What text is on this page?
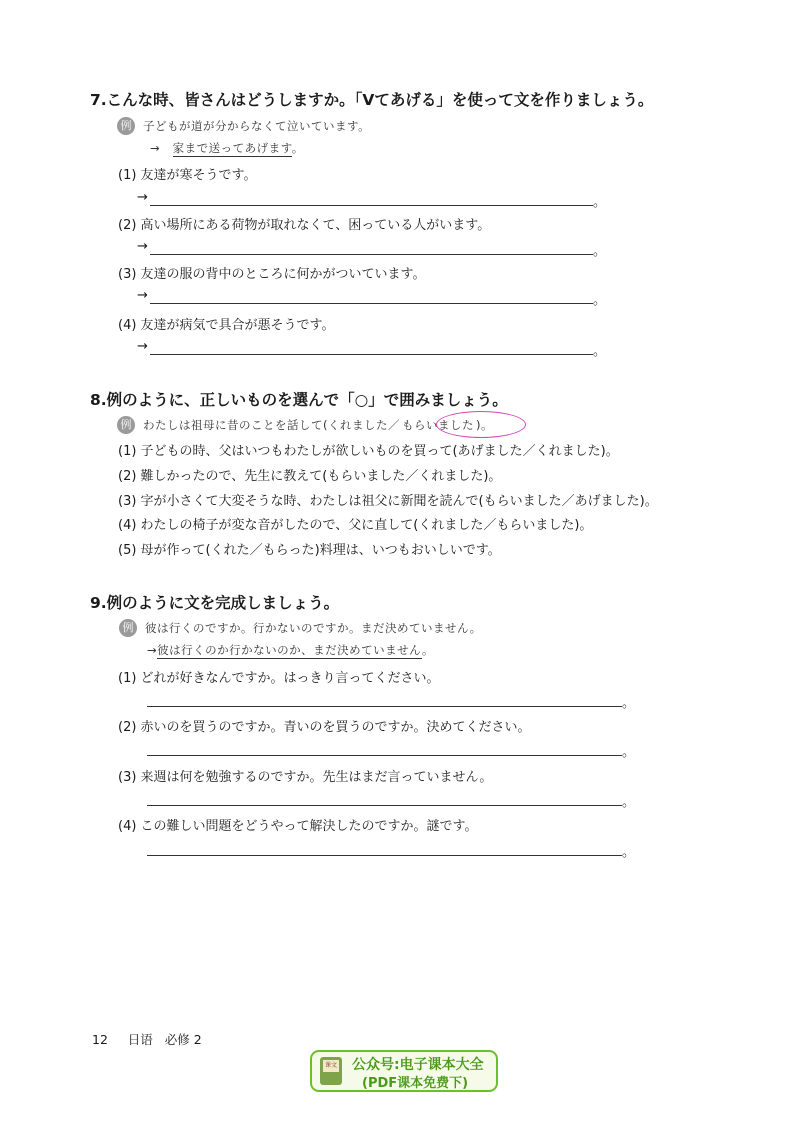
7.こんな時、皆さんはどうしますか。「Vてあげる」を使って文を作りましょう。
例	子どもが道が分からなくて泣いています。
→ 家まで送ってあげます。
(1) 友達が寒そうです。
→	。
(2) 高い場所にある荷物が取れなくて、困っている人がいます。
→	。
(3) 友達の服の背中のところに何かがついています。
→	。
(4) 友達が病気で具合が悪そうです。
→	。
8.例のように、正しいものを選んで「○」で囲みましょう。
例	わたしは祖母に昔のことを話して(くれました／ もらいました )。
(1) 子どもの時、父はいつもわたしが欲しいものを買って(あげました／くれました)。
(2) 難しかったので、先生に教えて(もらいました／くれました)。
(3) 字が小さくて大変そうな時、わたしは祖父に新聞を読んで(もらいました／あげました)。
(4) わたしの椅子が変な音がしたので、父に直して(くれました／もらいました)。
(5) 母が作って(くれた／もらった)料理は、いつもおいしいです。
9.例のように文を完成しましょう。
例	彼は行くのですか。行かないのですか。まだ決めていません。
→彼は行くのか行かないのか、まだ決めていません。
(1) どれが好きなんですか。はっきり言ってください。
。
(2) 赤いのを買うのですか。青いのを買うのですか。決めてください。
。
(3) 来週は何を勉強するのですか。先生はまだ言っていません。
。
(4) この難しい問題をどうやって解決したのですか。謎です。
。
12 日语 必修 2
课文 公众号:电子课本大全
(PDF课本免费下)
